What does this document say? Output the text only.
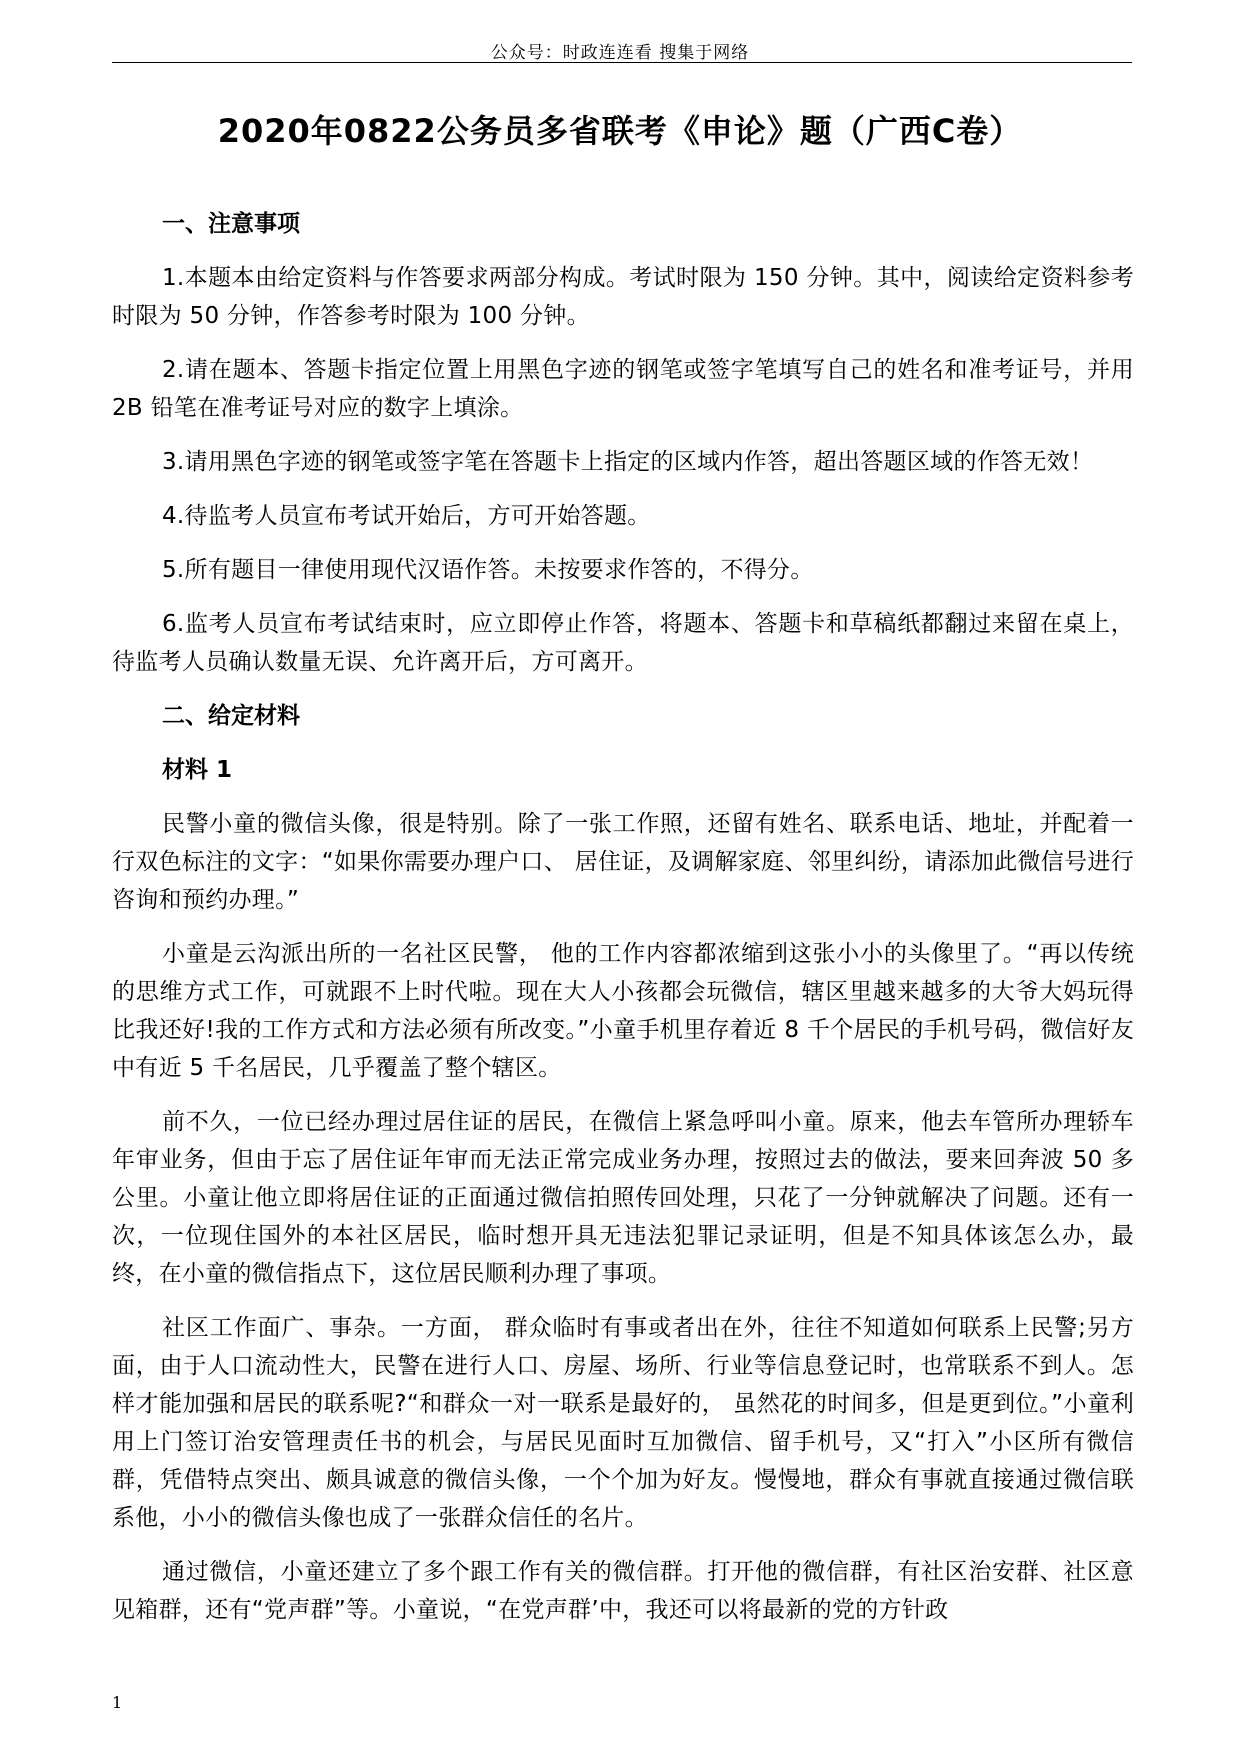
公众号：时政连连看 搜集于网络
2020年0822公务员多省联考《申论》题（广西C卷）

一、注意事项

1.本题本由给定资料与作答要求两部分构成。考试时限为 150 分钟。其中，阅读给定资料参考时限为 50 分钟，作答参考时限为 100 分钟。

2.请在题本、答题卡指定位置上用黑色字迹的钢笔或签字笔填写自己的姓名和准考证号，并用 2B 铅笔在准考证号对应的数字上填涂。

3.请用黑色字迹的钢笔或签字笔在答题卡上指定的区域内作答，超出答题区域的作答无效！

4.待监考人员宣布考试开始后，方可开始答题。

5.所有题目一律使用现代汉语作答。未按要求作答的，不得分。

6.监考人员宣布考试结束时，应立即停止作答，将题本、答题卡和草稿纸都翻过来留在桌上，待监考人员确认数量无误、允许离开后，方可离开。

二、给定材料

材料 1

民警小童的微信头像，很是特别。除了一张工作照，还留有姓名、联系电话、地址，并配着一行双色标注的文字：“如果你需要办理户口、 居住证，及调解家庭、邻里纠纷，请添加此微信号进行咨询和预约办理。”

小童是云沟派出所的一名社区民警， 他的工作内容都浓缩到这张小小的头像里了。“再以传统的思维方式工作，可就跟不上时代啦。现在大人小孩都会玩微信，辖区里越来越多的大爷大妈玩得比我还好!我的工作方式和方法必须有所改变。”小童手机里存着近 8 千个居民的手机号码，微信好友中有近 5 千名居民，几乎覆盖了整个辖区。

前不久，一位已经办理过居住证的居民，在微信上紧急呼叫小童。原来，他去车管所办理轿车年审业务，但由于忘了居住证年审而无法正常完成业务办理，按照过去的做法，要来回奔波 50 多公里。小童让他立即将居住证的正面通过微信拍照传回处理，只花了一分钟就解决了问题。还有一次，一位现住国外的本社区居民，临时想开具无违法犯罪记录证明，但是不知具体该怎么办，最终，在小童的微信指点下，这位居民顺利办理了事项。

社区工作面广、事杂。一方面， 群众临时有事或者出在外，往往不知道如何联系上民警;另方面，由于人口流动性大，民警在进行人口、房屋、场所、行业等信息登记时，也常联系不到人。怎样才能加强和居民的联系呢?“和群众一对一联系是最好的， 虽然花的时间多，但是更到位。”小童利用上门签订治安管理责任书的机会，与居民见面时互加微信、留手机号，又“打入”小区所有微信群，凭借特点突出、颇具诚意的微信头像，一个个加为好友。慢慢地，群众有事就直接通过微信联系他，小小的微信头像也成了一张群众信任的名片。

通过微信，小童还建立了多个跟工作有关的微信群。打开他的微信群，有社区治安群、社区意见箱群，还有“党声群”等。小童说，“在党声群’中，我还可以将最新的党的方针政

1
